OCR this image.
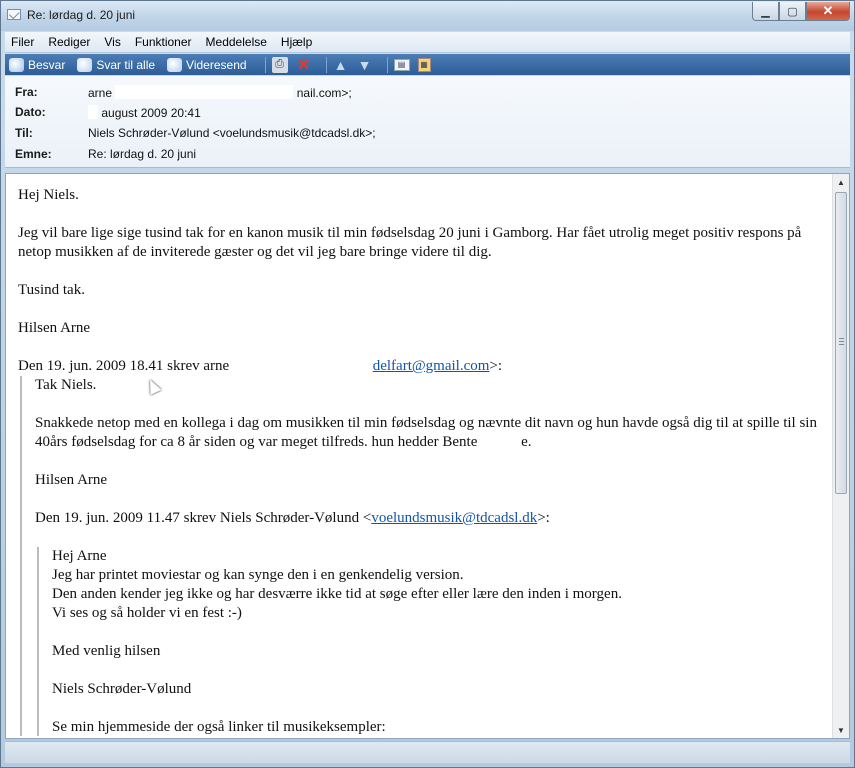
Re: lørdag d. 20 juni	▁ ▢ ✕
Filer Rediger Vis Funktioner Meddelelse Hjælp
Besvar	Svar til alle	Videresend	⎙ ✕ ▲ ▼	▤	▦
Fra:	arne	nail.com>;
Dato:	august 2009 20:41
Til:	Niels Schrøder-Vølund <voelundsmusik@tdcadsl.dk>;
Emne:	Re: lørdag d. 20 juni

Hej Niels.

Jeg vil bare lige sige tusind tak for en kanon musik til min fødselsdag 20 juni i Gamborg. Har fået utrolig meget positiv respons på netop musikken af de inviterede gæster og det vil jeg bare bringe videre til dig.

Tusind tak.

Hilsen Arne

Den 19. jun. 2009 18.41 skrev arne	delfart@gmail.com>:

Tak Niels.

Snakkede netop med en kollega i dag om musikken til min fødselsdag og nævnte dit navn og hun havde også dig til at spille til sin 40års fødselsdag for ca 8 år siden og var meget tilfreds. hun hedder Bente	e.

Hilsen Arne

Den 19. jun. 2009 11.47 skrev Niels Schrøder-Vølund <voelundsmusik@tdcadsl.dk>:

Hej Arne

Jeg har printet moviestar og kan synge den i en genkendelig version.

Den anden kender jeg ikke og har desværre ikke tid at søge efter eller lære den inden i morgen.

Vi ses og så holder vi en fest :-)

Med venlig hilsen

Niels Schrøder-Vølund

Se min hjemmeside der også linker til musikeksempler:

▲
▼
